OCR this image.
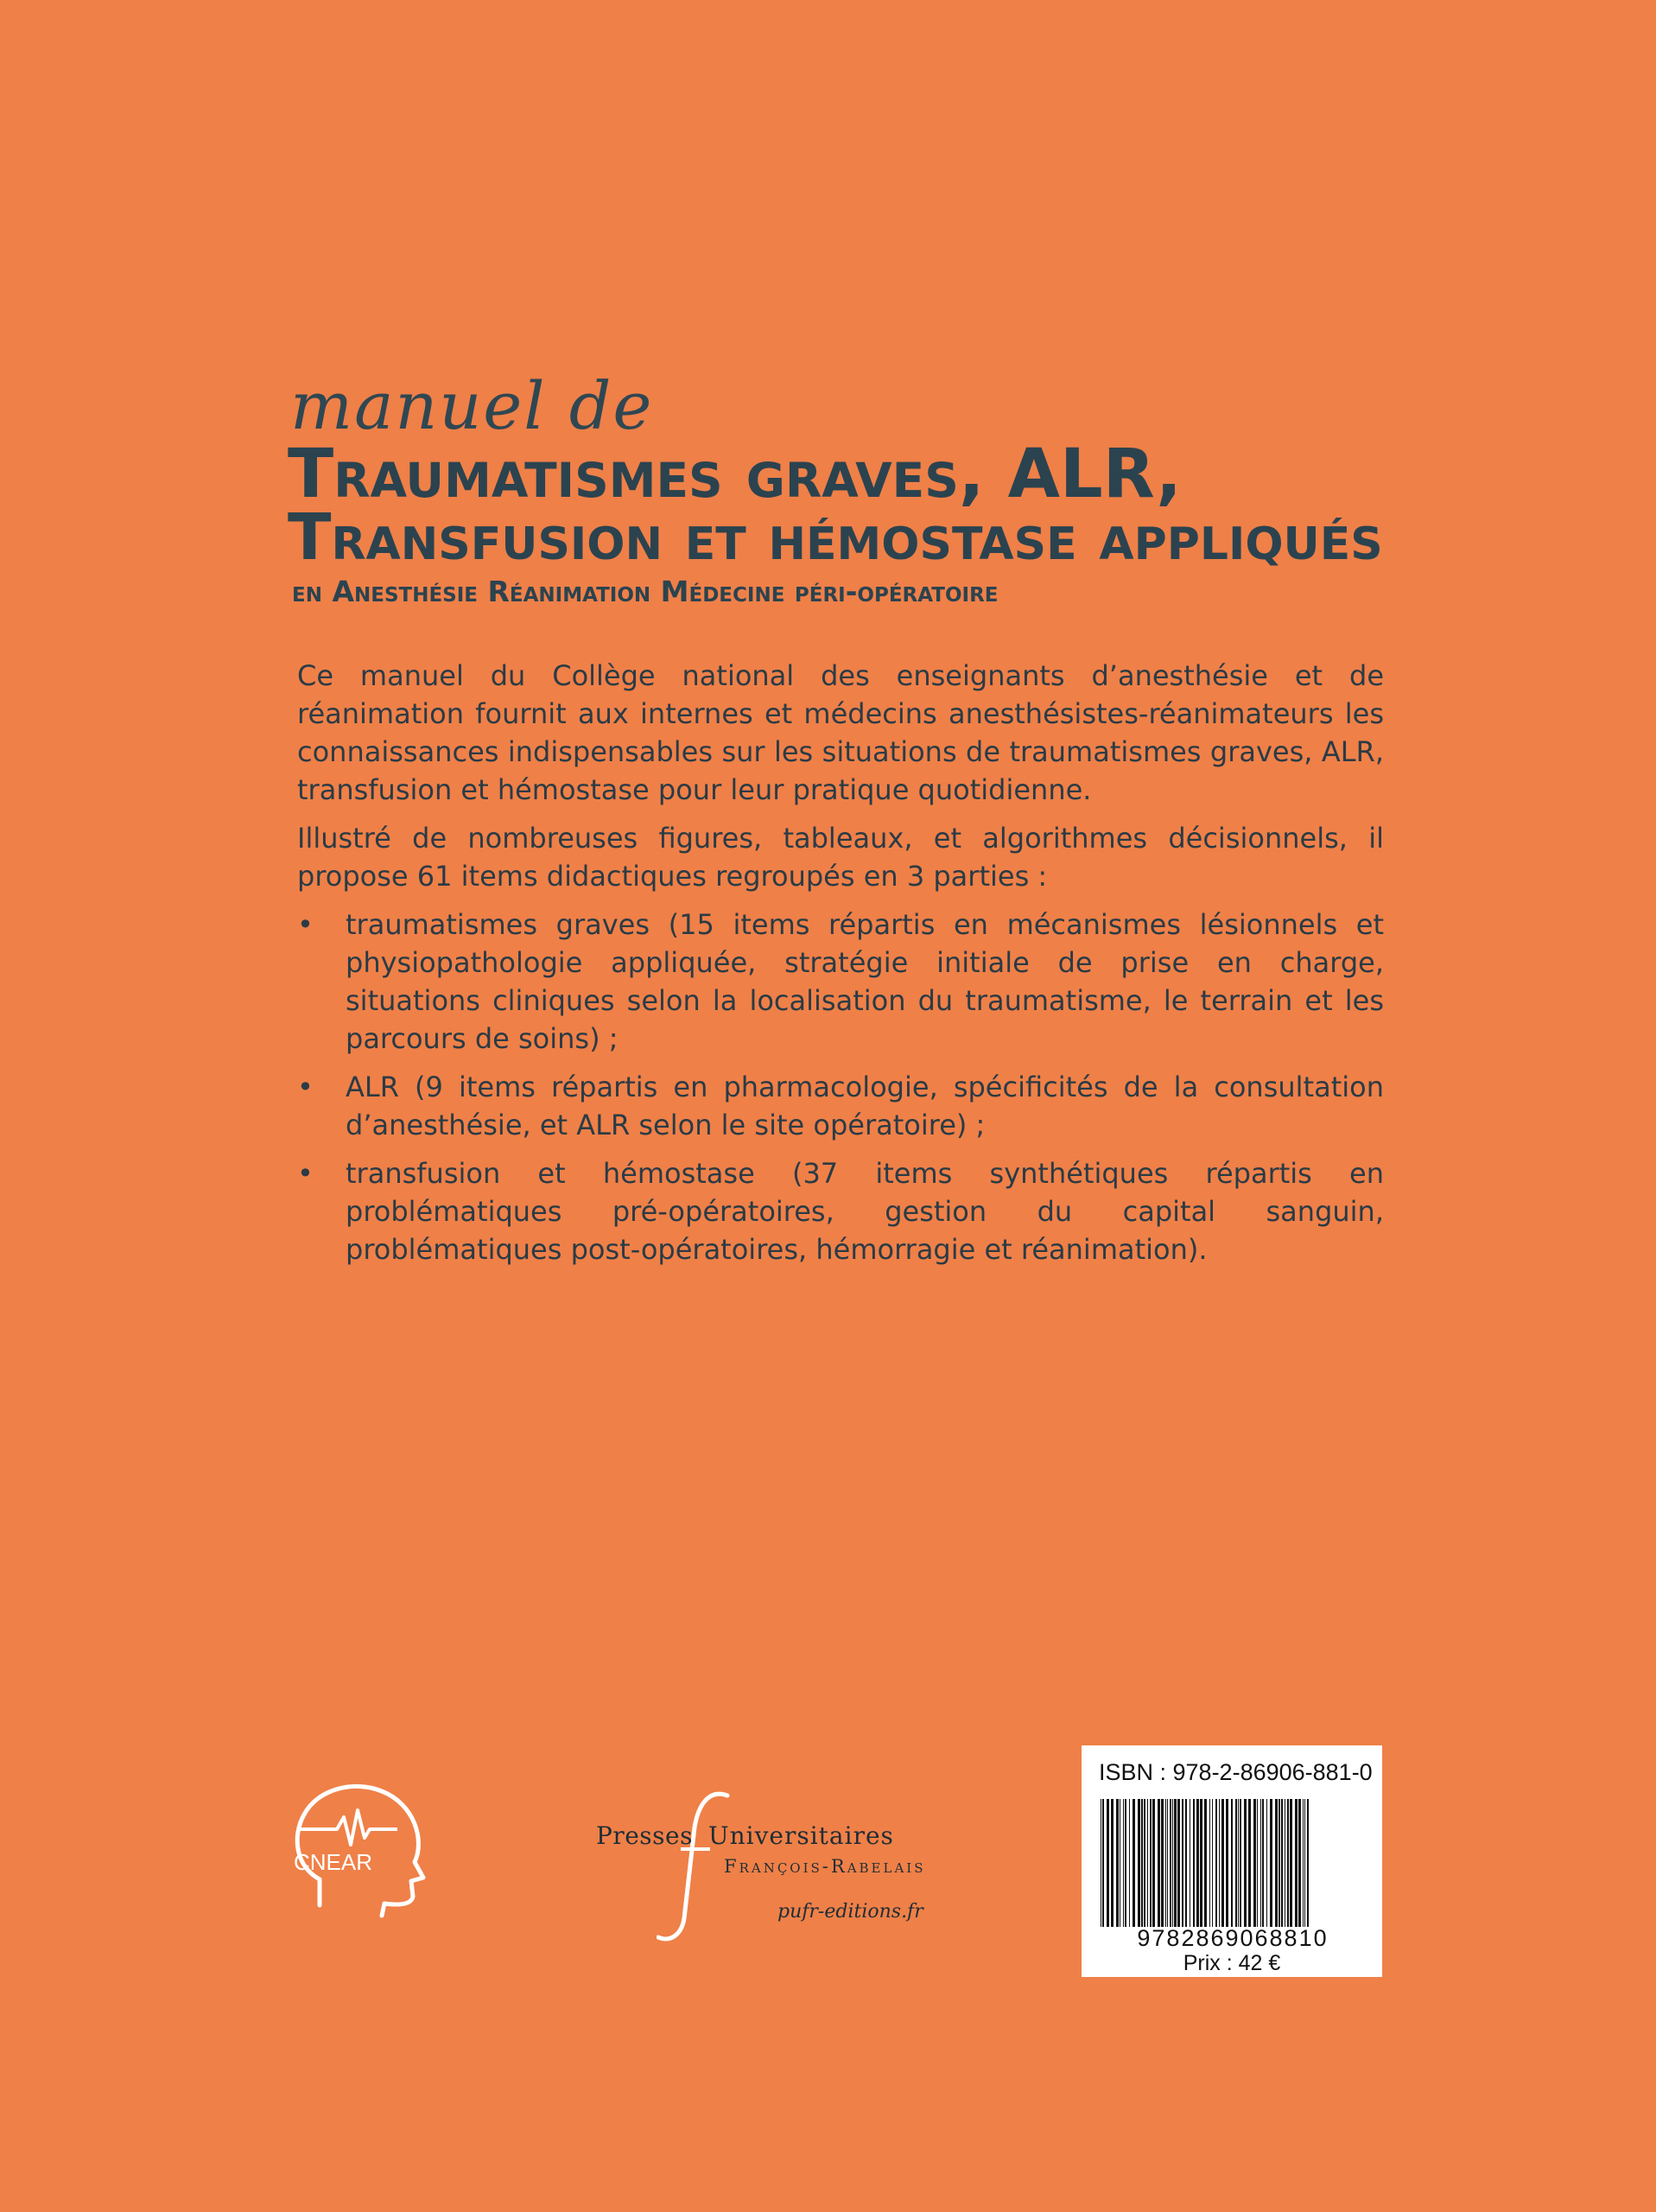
manuel de
Traumatismes graves, ALR,
Transfusion et hémostase appliqués
en Anesthésie Réanimation Médecine péri-opératoire

Ce manuel du Collège national des enseignants d’anesthésie et de réanimation fournit aux internes et médecins anesthésistes-réanimateurs les connaissances indispensables sur les situations de traumatismes graves, ALR, transfusion et hémostase pour leur pratique quotidienne.

Illustré de nombreuses figures, tableaux, et algorithmes décisionnels, il propose 61 items didactiques regroupés en 3 parties :

• traumatismes graves (15 items répartis en mécanismes lésionnels et physiopathologie appliquée, stratégie initiale de prise en charge, situations cliniques selon la localisation du traumatisme, le terrain et les parcours de soins) ;
• ALR (9 items répartis en pharmacologie, spécificités de la consultation d’anesthésie, et ALR selon le site opératoire) ;
• transfusion et hémostase (37 items synthétiques répartis en problématiques pré-opératoires, gestion du capital sanguin, problématiques post-opératoires, hémorragie et réanimation).
CNEAR
Presses Universitaires
François-Rabelais
pufr-editions.fr
ISBN : 978-2-86906-881-0
9782869068810
Prix : 42 €
